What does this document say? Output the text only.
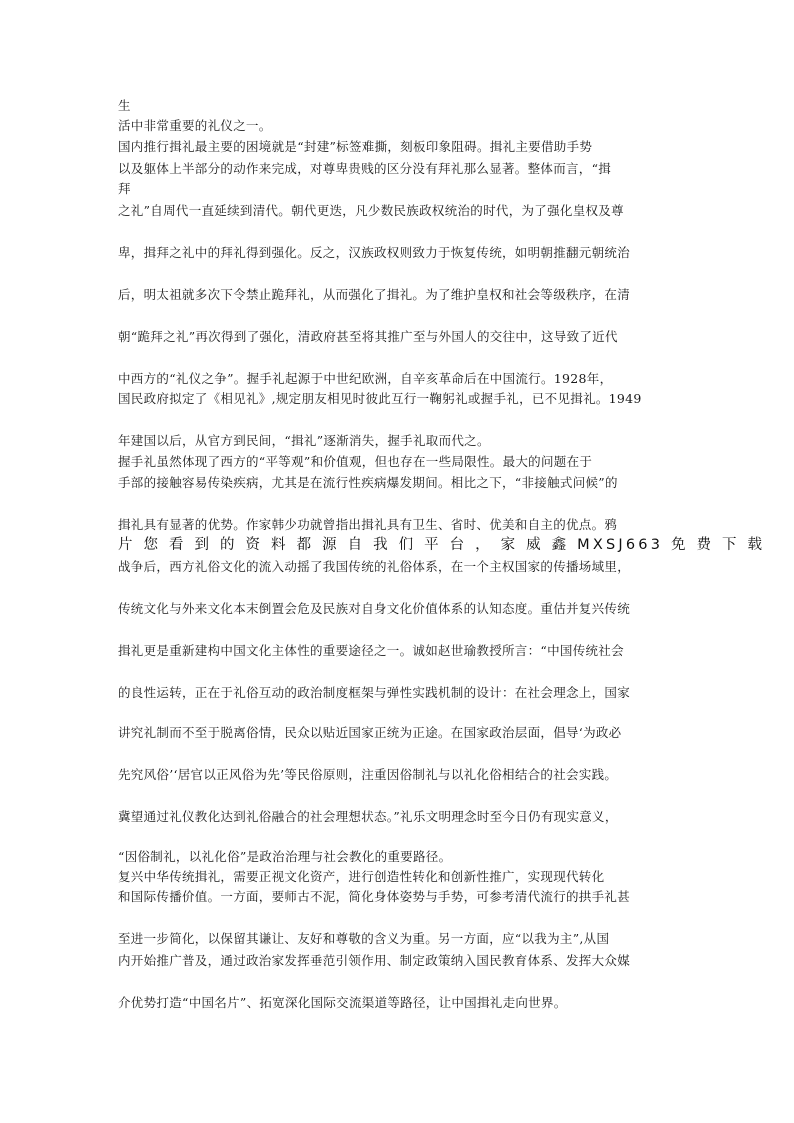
生
活中非常重要的礼仪之一。
国内推行揖礼最主要的困境就是“封建”标签难撕，刻板印象阻碍。揖礼主要借助手势
以及躯体上半部分的动作来完成，对尊卑贵贱的区分没有拜礼那么显著。整体而言，“揖
拜
之礼”自周代一直延续到清代。朝代更迭，凡少数民族政权统治的时代，为了强化皇权及尊
卑，揖拜之礼中的拜礼得到强化。反之，汉族政权则致力于恢复传统，如明朝推翻元朝统治
后，明太祖就多次下令禁止跪拜礼，从而强化了揖礼。为了维护皇权和社会等级秩序，在清
朝“跪拜之礼”再次得到了强化，清政府甚至将其推广至与外国人的交往中，这导致了近代
中西方的“礼仪之争”。握手礼起源于中世纪欧洲，自辛亥革命后在中国流行。1928年，
国民政府拟定了《相见礼》,规定朋友相见时彼此互行一鞠躬礼或握手礼，已不见揖礼。1949
年建国以后，从官方到民间，“揖礼”逐渐消失，握手礼取而代之。
握手礼虽然体现了西方的“平等观”和价值观，但也存在一些局限性。最大的问题在于
手部的接触容易传染疾病，尤其是在流行性疾病爆发期间。相比之下，“非接触式问候”的
揖礼具有显著的优势。作家韩少功就曾指出揖礼具有卫生、省时、优美和自主的优点。鸦
片 您 看 到 的 资 料 都 源 自 我 们 平 台 ， 家 威 鑫 MXSJ663 免 费 下 载
战争后，西方礼俗文化的流入动摇了我国传统的礼俗体系，在一个主权国家的传播场域里，
传统文化与外来文化本末倒置会危及民族对自身文化价值体系的认知态度。重估并复兴传统
揖礼更是重新建构中国文化主体性的重要途径之一。诚如赵世瑜教授所言：“中国传统社会
的良性运转，正在于礼俗互动的政治制度框架与弹性实践机制的设计：在社会理念上，国家
讲究礼制而不至于脱离俗情，民众以贴近国家正统为正途。在国家政治层面，倡导‘为政必
先究风俗’‘居官以正风俗为先’等民俗原则，注重因俗制礼与以礼化俗相结合的社会实践。
冀望通过礼仪教化达到礼俗融合的社会理想状态。”礼乐文明理念时至今日仍有现实意义，
“因俗制礼，以礼化俗”是政治治理与社会教化的重要路径。
复兴中华传统揖礼，需要正视文化资产，进行创造性转化和创新性推广，实现现代转化
和国际传播价值。一方面，要师古不泥，简化身体姿势与手势，可参考清代流行的拱手礼甚
至进一步简化，以保留其谦让、友好和尊敬的含义为重。另一方面，应“以我为主”,从国
内开始推广普及，通过政治家发挥垂范引领作用、制定政策纳入国民教育体系、发挥大众媒
介优势打造“中国名片”、拓宽深化国际交流渠道等路径，让中国揖礼走向世界。
